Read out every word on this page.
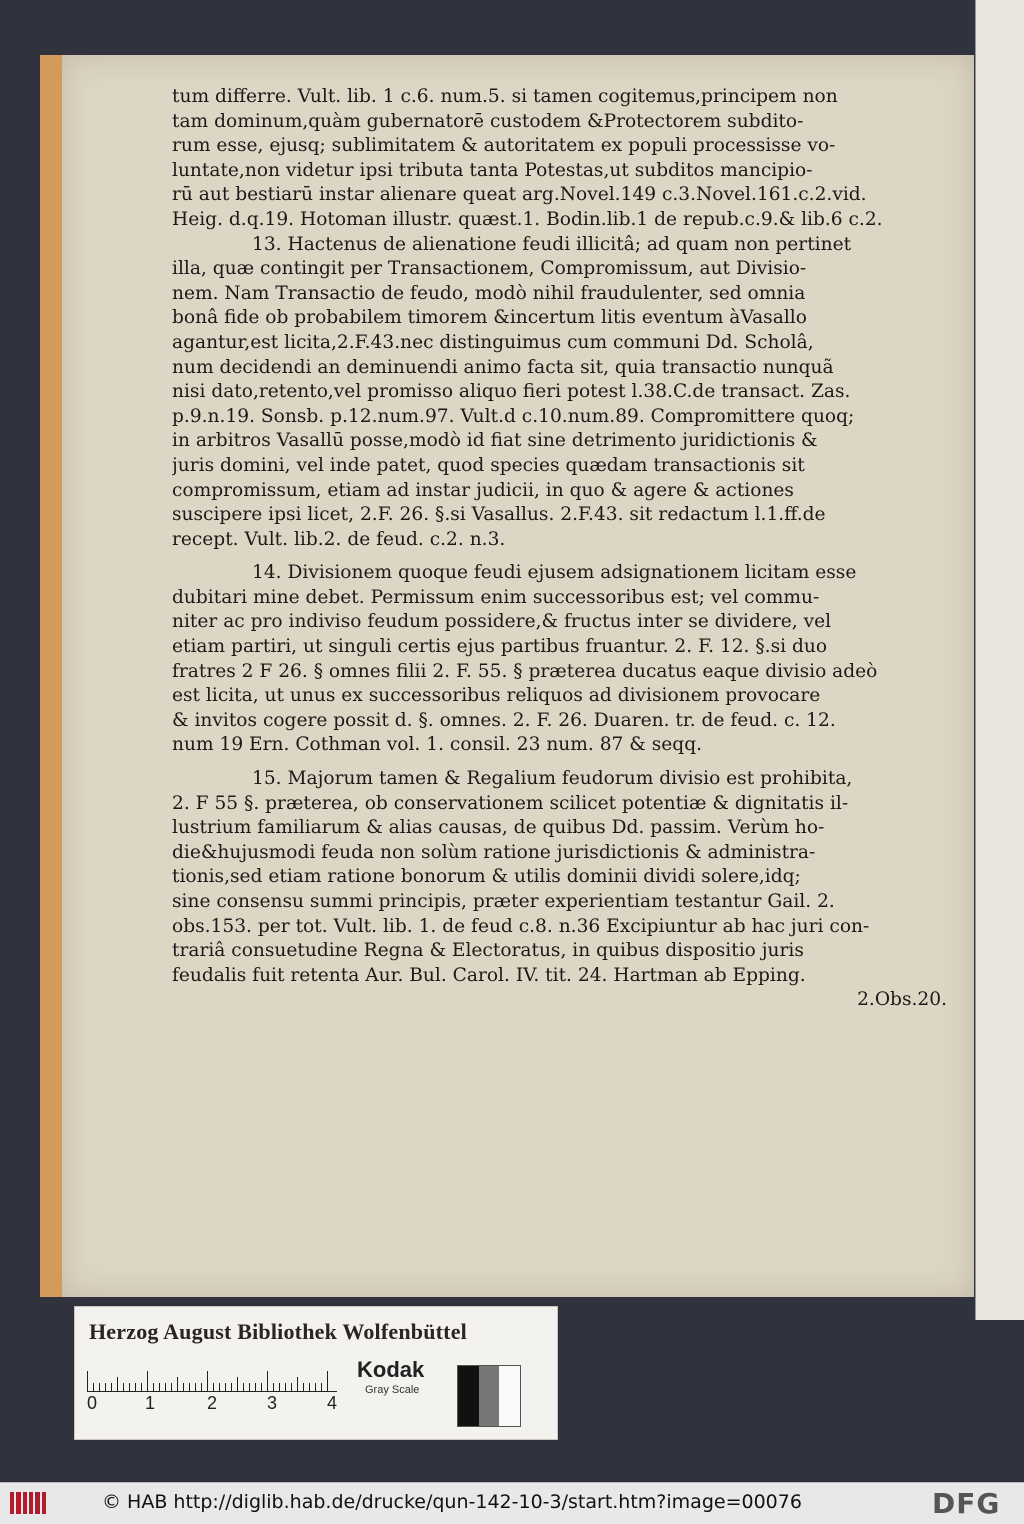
tum differre. Vult. lib. 1 c.6. num.5. si tamen cogitemus,principem non
tam dominum,quàm gubernatorē custodem &Protectorem subdito-
rum esse, ejusq; sublimitatem & autoritatem ex populi processisse vo-
luntate,non videtur ipsi tributa tanta Potestas,ut subditos mancipio-
rū aut bestiarū instar alienare queat arg.Novel.149 c.3.Novel.161.c.2.vid.
Heig. d.q.19. Hotoman illustr. quæst.1. Bodin.lib.1 de repub.c.9.& lib.6 c.2.
13. Hactenus de alienatione feudi illicitâ; ad quam non pertinet
illa, quæ contingit per Transactionem, Compromissum, aut Divisio-
nem. Nam Transactio de feudo, modò nihil fraudulenter, sed omnia
bonâ fide ob probabilem timorem &incertum litis eventum àVasallo
agantur,est licita,2.F.43.nec distinguimus cum communi Dd. Scholâ,
num decidendi an deminuendi animo facta sit, quia transactio nunquã
nisi dato,retento,vel promisso aliquo fieri potest l.38.C.de transact. Zas.
p.9.n.19. Sonsb. p.12.num.97. Vult.d c.10.num.89. Compromittere quoq;
in arbitros Vasallū posse,modò id fiat sine detrimento juridictionis &
juris domini, vel inde patet, quod species quædam transactionis sit
compromissum, etiam ad instar judicii, in quo & agere & actiones
suscipere ipsi licet, 2.F. 26. §.si Vasallus. 2.F.43. sit redactum l.1.ff.de
recept. Vult. lib.2. de feud. c.2. n.3.
14. Divisionem quoque feudi ejusem adsignationem licitam esse
dubitari mine debet. Permissum enim successoribus est; vel commu-
niter ac pro indiviso feudum possidere,& fructus inter se dividere, vel
etiam partiri, ut singuli certis ejus partibus fruantur. 2. F. 12. §.si duo
fratres 2 F 26. § omnes filii 2. F. 55. § præterea ducatus eaque divisio adeò
est licita, ut unus ex successoribus reliquos ad divisionem provocare
& invitos cogere possit d. §. omnes. 2. F. 26. Duaren. tr. de feud. c. 12.
num 19 Ern. Cothman vol. 1. consil. 23 num. 87 & seqq.
15. Majorum tamen & Regalium feudorum divisio est prohibita,
2. F 55 §. præterea, ob conservationem scilicet potentiæ & dignitatis il-
lustrium familiarum & alias causas, de quibus Dd. passim. Verùm ho-
die&hujusmodi feuda non solùm ratione jurisdictionis & administra-
tionis,sed etiam ratione bonorum & utilis dominii dividi solere,idq;
sine consensu summi principis, præter experientiam testantur Gail. 2.
obs.153. per tot. Vult. lib. 1. de feud c.8. n.36 Excipiuntur ab hac juri con-
trariâ consuetudine Regna & Electoratus, in quibus dispositio juris
feudalis fuit retenta Aur. Bul. Carol. IV. tit. 24. Hartman ab Epping.
2.Obs.20.
Herzog August Bibliothek Wolfenbüttel
0	1	2	3	4
Kodak
Gray Scale
© HAB http://diglib.hab.de/drucke/qun-142-10-3/start.htm?image=00076	DFG
